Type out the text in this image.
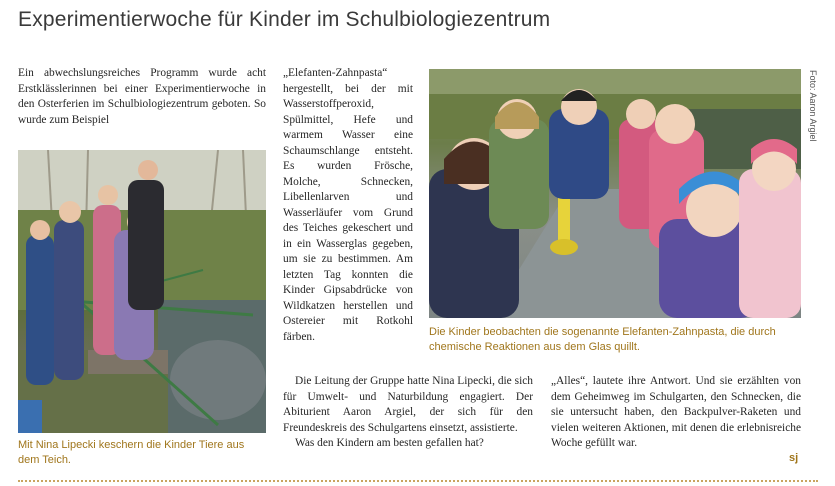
Experimentierwoche für Kinder im Schulbiologiezentrum

Ein abwechslungsreiches Programm wurde acht Erstklässlerinnen bei einer Experimentierwoche in den Osterferien im Schulbiologiezentrum geboten. So wurde zum Beispiel

Mit Nina Lipecki keschern die Kinder Tiere aus dem Teich.

„Elefanten-Zahnpasta“ hergestellt, bei der mit Wasserstoffperoxid, Spülmittel, Hefe und warmem Wasser eine Schaumschlange entsteht. Es wurden Frösche, Molche, Schnecken, Libellenlarven und Wasserläufer vom Grund des Teiches gekeschert und in ein Wasserglas gegeben, um sie zu bestimmen. Am letzten Tag konnten die Kinder Gipsabdrücke von Wildkatzen herstellen und Ostereier mit Rotkohl färben.

Foto: Aaron Argiel
Die Kinder beobachten die sogenannte Elefanten-Zahnpasta, die durch chemische Reaktionen aus dem Glas quillt.

Die Leitung der Gruppe hatte Nina Lipecki, die sich für Umwelt- und Naturbildung engagiert. Der Abiturient Aaron Argiel, der sich für den Freundeskreis des Schulgartens einsetzt, assistierte.

Was den Kindern am besten gefallen hat?

„Alles“, lautete ihre Antwort. Und sie erzählten von dem Geheimweg im Schulgarten, den Schnecken, die sie untersucht haben, den Backpulver-Raketen und vielen weiteren Aktionen, mit denen die erlebnisreiche Woche gefüllt war.

sj
